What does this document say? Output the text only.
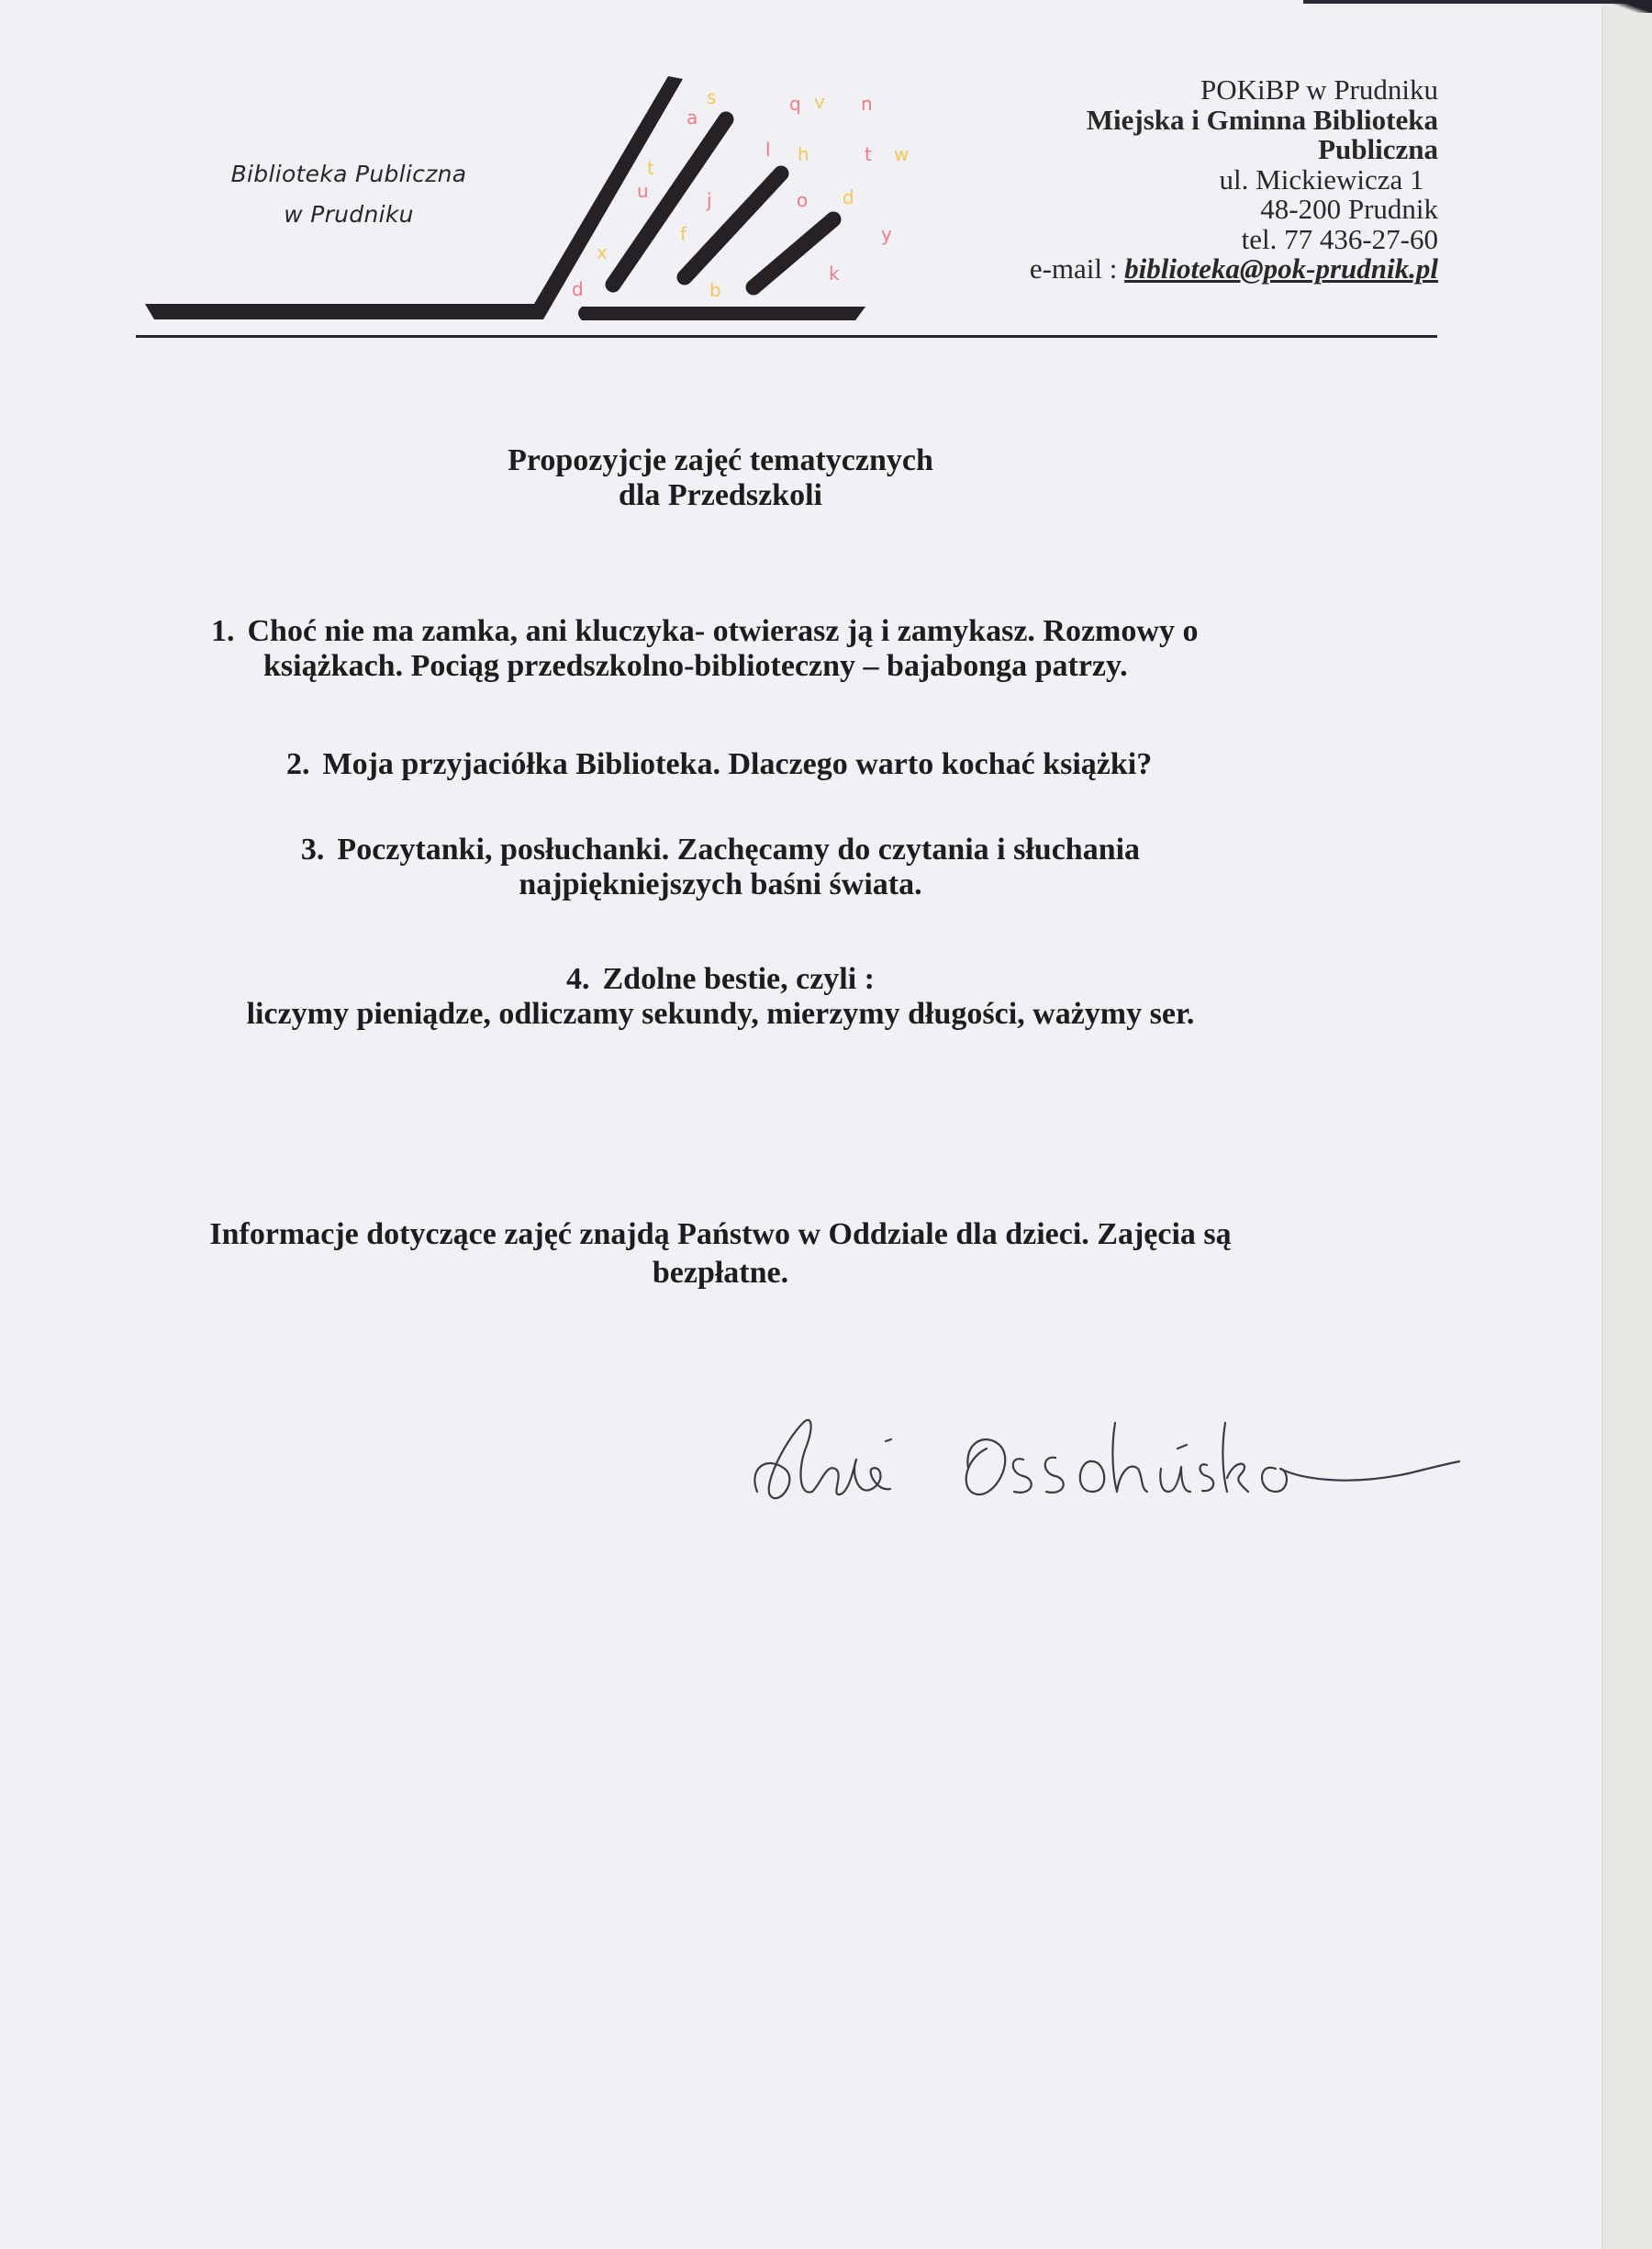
s
a
q v n
l h	t w
t
u	j	o d
y
f
x
k
d	b
Biblioteka Publiczna
w Prudniku
POKiBP w Prudniku
Miejska i Gminna Biblioteka
Publiczna
ul. Mickiewicza 1
48-200 Prudnik
tel. 77 436-27-60
e-mail : biblioteka@pok-prudnik.pl
Propozyjcje zajęć tematycznych
dla Przedszkoli
1. Choć nie ma zamka, ani kluczyka- otwierasz ją i zamykasz. Rozmowy o
książkach. Pociąg przedszkolno-biblioteczny – bajabonga patrzy.
2. Moja przyjaciółka Biblioteka. Dlaczego warto kochać książki?
3. Poczytanki, posłuchanki. Zachęcamy do czytania i słuchania
najpiękniejszych baśni świata.
4. Zdolne bestie, czyli :
liczymy pieniądze, odliczamy sekundy, mierzymy długości, ważymy ser.
Informacje dotyczące zajęć znajdą Państwo w Oddziale dla dzieci. Zajęcia są
bezpłatne.
